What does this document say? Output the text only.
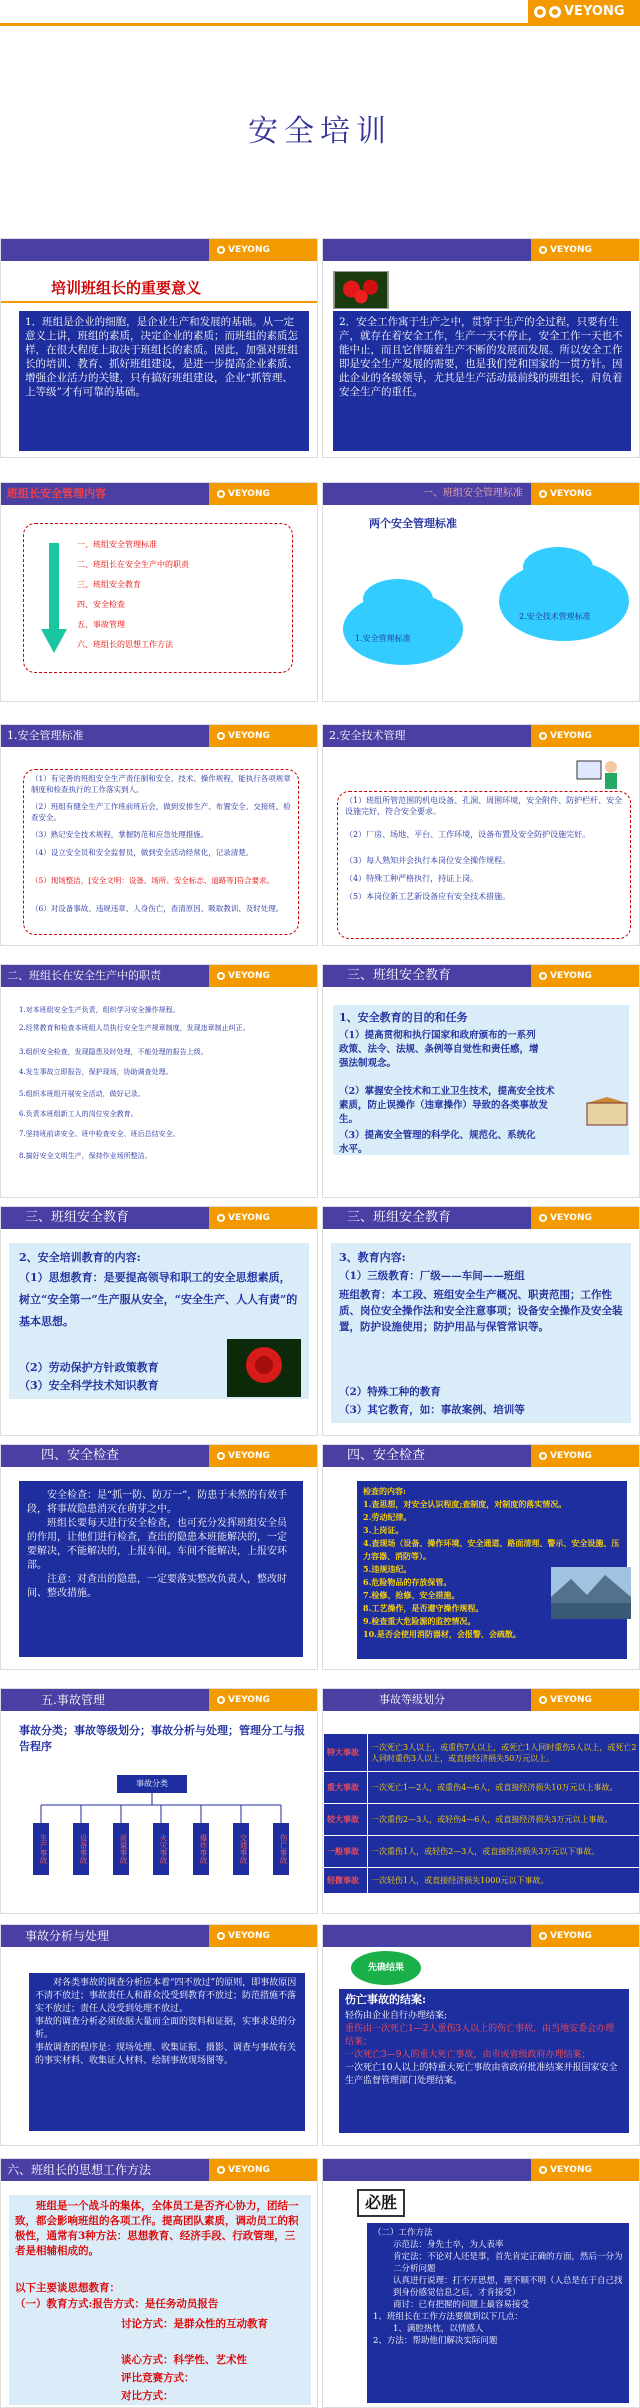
VEYONG
安全培训
VEYONG
培训班组长的重要意义
1．班组是企业的细胞，是企业生产和发展的基础。从一定意义上讲，班组的素质，决定企业的素质；而班组的素质怎样，在很大程度上取决于班组长的素质。因此，加强对班组长的培训、教育、抓好班组建设，是进一步提高企业素质、增强企业活力的关键，只有搞好班组建设，企业“抓管理、上等级”才有可靠的基础。
VEYONG
2．安全工作寓于生产之中，贯穿于生产的全过程，只要有生产，就存在着安全工作，生产一天不停止，安全工作一天也不能中止，而且它伴随着生产不断的发展而发展。所以安全工作即是安全生产发展的需要，也是我们党和国家的一贯方针。因此企业的各级领导，尤其是生产活动最前线的班组长，肩负着安全生产的重任。
班组长安全管理内容	VEYONG
一、班组安全管理标准
二、班组长在安全生产中的职责
三、班组安全教育
四、安全检查
五、事故管理
六、班组长的思想工作方法
一、班组安全管理标准	VEYONG
两个安全管理标准
1.安全管理标准
2.安全技术管理标准
1.安全管理标准	VEYONG
（1）有完善的班组安全生产责任制和安全、技术、操作规程，能执行各项规章制度和检查执行的工作落实到人。
（2）班组有健全生产工作班前班后会，做到安排生产、布置安全、交接班、检查安全。
（3）熟记安全技术规程，掌握防范和应急处理措施。
（4）设立安全员和安全监督员，做到安全活动经常化，记录清楚。
（5）现场整洁，[安全文明：设备、场所、安全标志、道路等]符合要求。
（6）对设备事故、违规违章、人身伤亡，查清原因、吸取教训、及时处理。
2.安全技术管理	VEYONG
（1）班组所管范围的机电设备、孔洞、周围环境，安全附件、防护栏杆、安全设施完好，符合安全要求。
（2）厂房、场地、平台、工作环境，设备布置及安全防护设施完好。
（3）每人熟知并会执行本岗位安全操作规程。
（4）特殊工种严格执行，持证上岗。
（5）本岗位新工艺新设备应有安全技术措施。
二、班组长在安全生产中的职责	VEYONG
1.对本班组安全生产负责，组织学习安全操作规程。
2.经常教育和检查本班组人员执行安全生产规章制度，发现违章制止纠正。
3.组织安全检查，发现隐患及时处理，不能处理的报告上级。
4.发生事故立即报告，保护现场，协助调查处理。
5.组织本班组开展安全活动，做好记录。
6.负责本班组新工人的岗位安全教育。
7.坚持班前讲安全、班中检查安全、班后总结安全。
8.搞好安全文明生产，保持作业场所整洁。
三、班组安全教育	VEYONG
1、安全教育的目的和任务
（1）提高贯彻和执行国家和政府颁布的一系列政策、法令、法规、条例等自觉性和责任感，增强法制观念。
（2）掌握安全技术和工业卫生技术，提高安全技术素质，防止误操作（违章操作）导致的各类事故发生。
（3）提高安全管理的科学化、规范化、系统化水平。
三、班组安全教育	VEYONG
2、安全培训教育的内容:
（1）思想教育：是要提高领导和职工的安全思想素质，树立“安全第一”生产服从安全，“安全生产、人人有责”的基本思想。
（2）劳动保护方针政策教育
（3）安全科学技术知识教育
三、班组安全教育	VEYONG
3、教育内容:
（1）三级教育：厂级——车间——班组
班组教育：本工段、班组安全生产概况、职责范围；工作性质、岗位安全操作法和安全注意事项；设备安全操作及安全装置，防护设施使用；防护用品与保管常识等。
（2）特殊工种的教育
（3）其它教育，如：事故案例、培训等
四、安全检查	VEYONG
安全检查：是“抓一防、防万一”，防患于未然的有效手段，将事故隐患消灭在萌芽之中。
班组长要每天进行安全检查，也可充分发挥班组安全员的作用，让他们进行检查，查出的隐患本班能解决的，一定要解决，不能解决的，上报车间。车间不能解决，上报安环部。
注意：对查出的隐患，一定要落实整改负责人，整改时间、整改措施。
四、安全检查	VEYONG
检查的内容:
1.查思想，对安全认识程度;查制度，对制度的落实情况。
2.劳动纪律。
3.上岗证。
4.查现场（设备、操作环境、安全通道、路面清理、警示、安全设施、压力容器、消防等）。
5.违规违纪。
6.危险物品的存放保管。
7.检修、抢修、安全措施。
8.工艺操作，是否遵守操作规程。
9.检查重大危险源的监控情况。
10.是否会使用消防器材，会报警、会疏散。
五.事故管理	VEYONG
事故分类；事故等级划分；事故分析与处理；管理分工与报告程序
事故分类
生产事故	设备事故	质量事故	火灾事故	爆炸事故	交通事故	伤亡事故
事故等级划分	VEYONG
特大事故	一次死亡3人以上，或重伤7人以上，或死亡1人同时重伤5人以上，或死亡2人同时重伤3人以上，或直接经济损失50万元以上。
重大事故	一次死亡1—2人，或重伤4—6人，或直接经济损失10万元以上事故。
较大事故	一次重伤2—3人，或轻伤4—6人，或直接经济损失3万元以上事故。
一般事故	一次重伤1人，或轻伤2—3人，或直接经济损失3万元以下事故。
轻微事故	一次轻伤1人，或直接经济损失1000元以下事故。
事故分析与处理	VEYONG
对各类事故的调查分析应本着“四不放过”的原则，即事故原因不清不放过；事故责任人和群众没受到教育不放过；防范措施不落实不放过；责任人没受到处理不放过。
事故的调查分析必须依据大量而全面的资料和证据，实事求是的分析。
事故调查的程序是：现场处理、收集证据、摄影、调查与事故有关的事实材料、收集证人材料、绘制事故现场图等。
VEYONG
先确结果
伤亡事故的结案:
轻伤由企业自行办理结案;
重伤由一次死亡1—2人重伤3人以上的伤亡事故，由当地安委会办理结案；
一次死亡3—9人的重大死亡事故，由市或省级政府办理结案；
一次死亡10人以上的特重大死亡事故由省政府批准结案并报国家安全生产监督管理部门处理结案。
六、班组长的思想工作方法	VEYONG
班组是一个战斗的集体，全体员工是否齐心协力，团结一致，都会影响班组的各项工作。提高团队素质，调动员工的积极性，通常有3种方法：思想教育、经济手段、行政管理，三者是相辅相成的。
以下主要谈思想教育：
（一）教育方式:报告方式：是任务动员报告
讨论方式：是群众性的互动教育
谈心方式：科学性、艺术性
评比竞赛方式：
对比方式：
VEYONG
必胜
（二）工作方法
示范法：身先士卒，为人表率
肯定法：不论对人还是事，首先肯定正确的方面，然后一分为二分析问题
认真进行说理：打不开思想，理不顺不明（人总是在于自己找到身份感觉信息之后，才肯接受）
商讨：已有把握的问题上最容易接受
1、班组长在工作方法要做到以下几点：
1、满腔热忱，以情感人
2、方法：帮助他们解决实际问题
